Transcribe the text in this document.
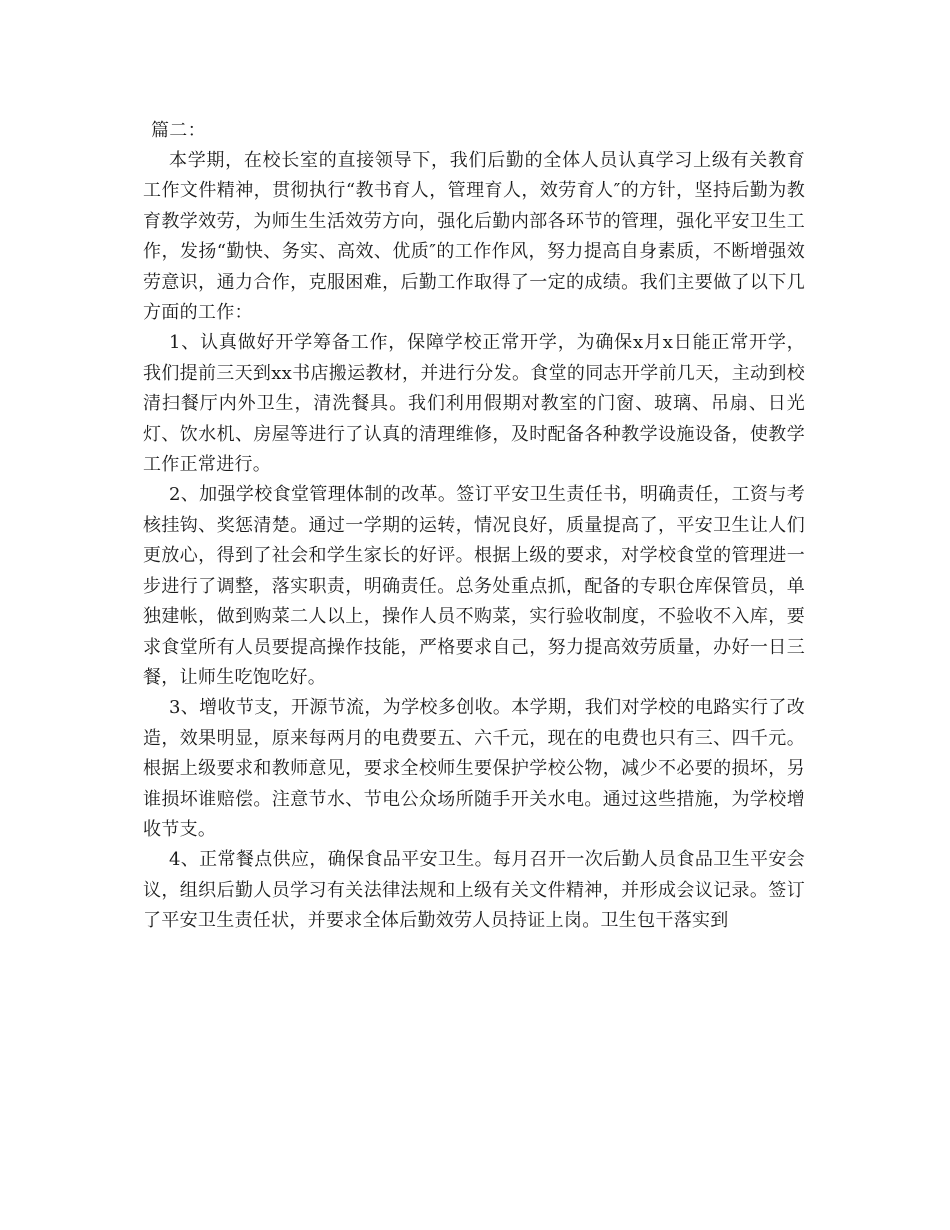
篇二：

本学期，在校长室的直接领导下，我们后勤的全体人员认真学习上级有关教育工作文件精神，贯彻执行“教书育人，管理育人，效劳育人″的方针，坚持后勤为教育教学效劳，为师生生活效劳方向，强化后勤内部各环节的管理，强化平安卫生工作，发扬“勤快、务实、高效、优质″的工作作风，努力提高自身素质，不断增强效劳意识，通力合作，克服困难，后勤工作取得了一定的成绩。我们主要做了以下几方面的工作：

1、认真做好开学筹备工作，保障学校正常开学，为确保x月x日能正常开学，我们提前三天到xx书店搬运教材，并进行分发。食堂的同志开学前几天，主动到校清扫餐厅内外卫生，清洗餐具。我们利用假期对教室的门窗、玻璃、吊扇、日光灯、饮水机、房屋等进行了认真的清理维修，及时配备各种教学设施设备，使教学工作正常进行。

2、加强学校食堂管理体制的改革。签订平安卫生责任书，明确责任，工资与考核挂钩、奖惩清楚。通过一学期的运转，情况良好，质量提高了，平安卫生让人们更放心，得到了社会和学生家长的好评。根据上级的要求，对学校食堂的管理进一步进行了调整，落实职责，明确责任。总务处重点抓，配备的专职仓库保管员，单独建帐，做到购菜二人以上，操作人员不购菜，实行验收制度，不验收不入库，要求食堂所有人员要提高操作技能，严格要求自己，努力提高效劳质量，办好一日三餐，让师生吃饱吃好。

3、增收节支，开源节流，为学校多创收。本学期，我们对学校的电路实行了改造，效果明显，原来每两月的电费要五、六千元，现在的电费也只有三、四千元。根据上级要求和教师意见，要求全校师生要保护学校公物，减少不必要的损坏，另谁损坏谁赔偿。注意节水、节电公众场所随手开关水电。通过这些措施，为学校增收节支。

4、正常餐点供应，确保食品平安卫生。每月召开一次后勤人员食品卫生平安会议，组织后勤人员学习有关法律法规和上级有关文件精神，并形成会议记录。签订了平安卫生责任状，并要求全体后勤效劳人员持证上岗。卫生包干落实到
